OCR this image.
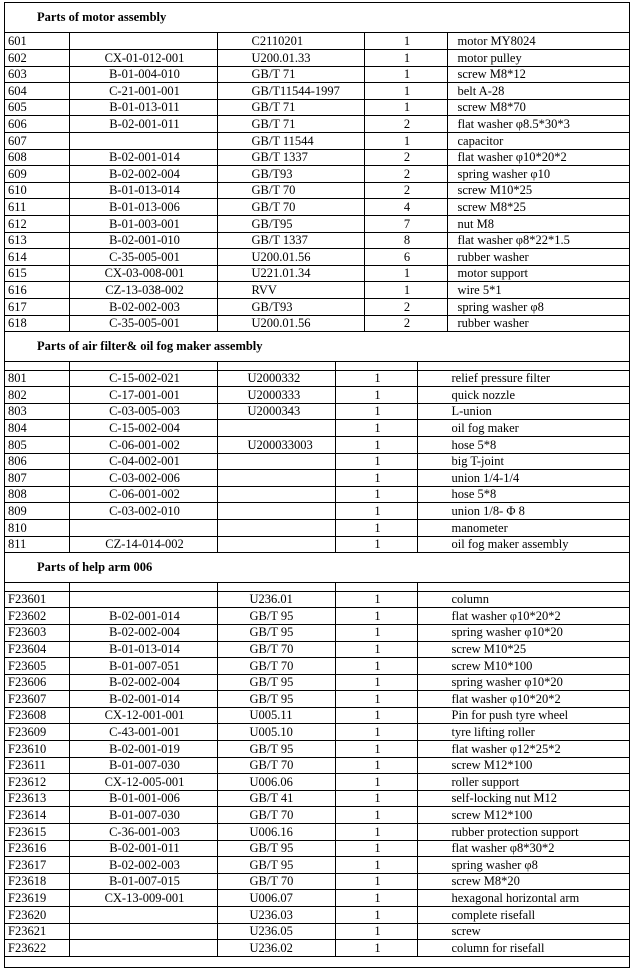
Parts of motor assembly
601		C2110201	1	motor MY8024
602	CX-01-012-001	U200.01.33	1	motor pulley
603	B-01-004-010	GB/T 71	1	screw M8*12
604	C-21-001-001	GB/T11544-1997	1	belt A-28
605	B-01-013-011	GB/T 71	1	screw M8*70
606	B-02-001-011	GB/T 71	2	flat washer φ8.5*30*3
607		GB/T 11544	1	capacitor
608	B-02-001-014	GB/T 1337	2	flat washer φ10*20*2
609	B-02-002-004	GB/T93	2	spring washer φ10
610	B-01-013-014	GB/T 70	2	screw M10*25
611	B-01-013-006	GB/T 70	4	screw M8*25
612	B-01-003-001	GB/T95	7	nut M8
613	B-02-001-010	GB/T 1337	8	flat washer φ8*22*1.5
614	C-35-005-001	U200.01.56	6	rubber washer
615	CX-03-008-001	U221.01.34	1	motor support
616	CZ-13-038-002	RVV	1	wire 5*1
617	B-02-002-003	GB/T93	2	spring washer φ8
618	C-35-005-001	U200.01.56	2	rubber washer
Parts of air filter& oil fog maker assembly

801	C-15-002-021	U2000332	1	relief pressure filter
802	C-17-001-001	U2000333	1	quick nozzle
803	C-03-005-003	U2000343	1	L-union
804	C-15-002-004		1	oil fog maker
805	C-06-001-002	U200033003	1	hose 5*8
806	C-04-002-001		1	big T-joint
807	C-03-002-006		1	union 1/4-1/4
808	C-06-001-002		1	hose 5*8
809	C-03-002-010		1	union 1/8- Φ 8
810			1	manometer
811	CZ-14-014-002		1	oil fog maker assembly
Parts of help arm 006

F23601		U236.01	1	column
F23602	B-02-001-014	GB/T 95	1	flat washer φ10*20*2
F23603	B-02-002-004	GB/T 95	1	spring washer φ10*20
F23604	B-01-013-014	GB/T 70	1	screw M10*25
F23605	B-01-007-051	GB/T 70	1	screw M10*100
F23606	B-02-002-004	GB/T 95	1	spring washer φ10*20
F23607	B-02-001-014	GB/T 95	1	flat washer φ10*20*2
F23608	CX-12-001-001	U005.11	1	Pin for push tyre wheel
F23609	C-43-001-001	U005.10	1	tyre lifting roller
F23610	B-02-001-019	GB/T 95	1	flat washer φ12*25*2
F23611	B-01-007-030	GB/T 70	1	screw M12*100
F23612	CX-12-005-001	U006.06	1	roller support
F23613	B-01-001-006	GB/T 41	1	self-locking nut M12
F23614	B-01-007-030	GB/T 70	1	screw M12*100
F23615	C-36-001-003	U006.16	1	rubber protection support
F23616	B-02-001-011	GB/T 95	1	flat washer φ8*30*2
F23617	B-02-002-003	GB/T 95	1	spring washer φ8
F23618	B-01-007-015	GB/T 70	1	screw M8*20
F23619	CX-13-009-001	U006.07	1	hexagonal horizontal arm
F23620		U236.03	1	complete risefall
F23621		U236.05	1	screw
F23622		U236.02	1	column for risefall
